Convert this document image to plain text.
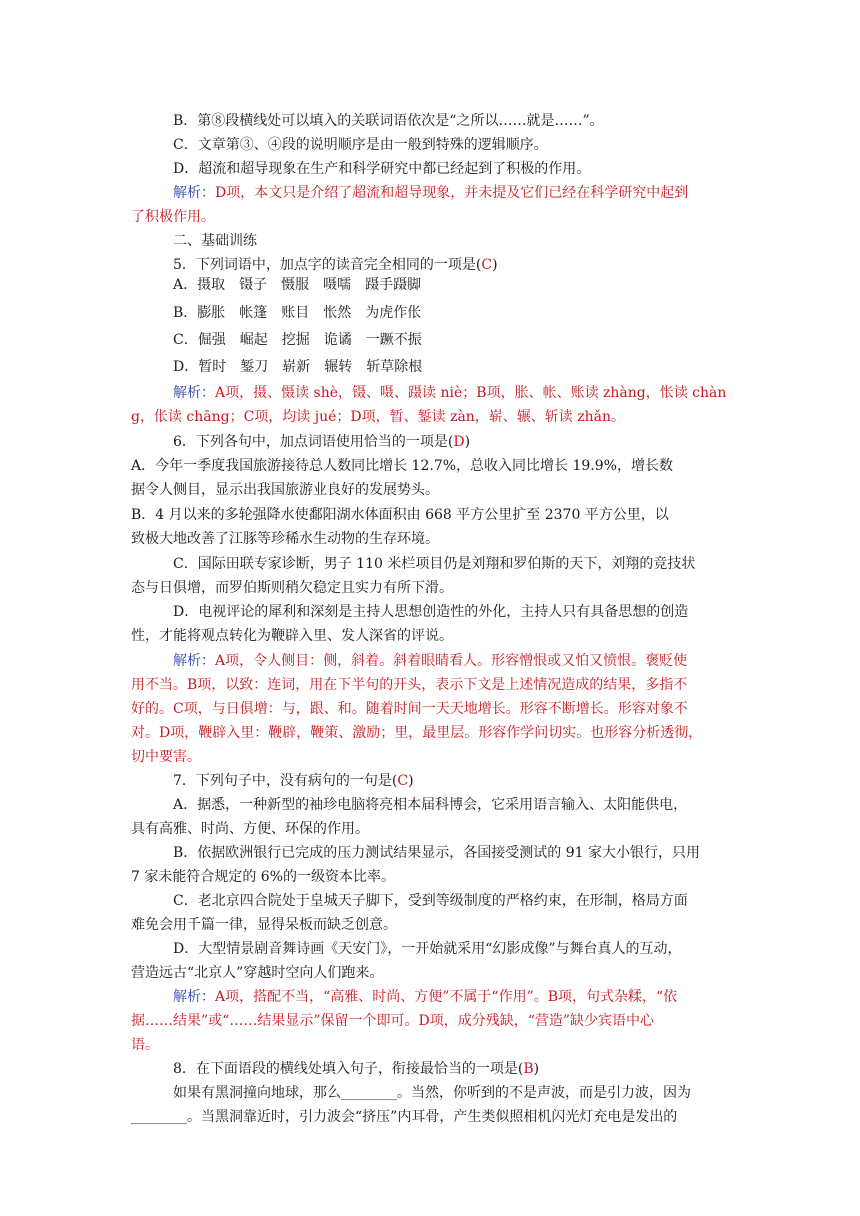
B．第⑧段横线处可以填入的关联词语依次是“之所以……就是……”。
C．文章第③、④段的说明顺序是由一般到特殊的逻辑顺序。
D．超流和超导现象在生产和科学研究中都已经起到了积极的作用。
解析：D项，本文只是介绍了超流和超导现象，并未提及它们已经在科学研究中起到
了积极作用。
二、基础训练
5．下列词语中，加点字的读音完全相同的一项是(C)
A．摄取　镊子　慑服　嗫嚅　蹑手蹑脚
B．膨胀　帐篷　账目　怅然　为虎作伥
C．倔强　崛起　挖掘　诡谲　一蹶不振
D．暂时　錾刀　崭新　辗转　斩草除根
解析：A项，摄、慑读 shè，镊、嗫、蹑读 niè；B项，胀、帐、账读 zhàng，怅读 chàn
g，伥读 chāng；C项，均读 jué；D项，暂、錾读 zàn，崭、辗、斩读 zhǎn。
6．下列各句中，加点词语使用恰当的一项是(D)
A．今年一季度我国旅游接待总人数同比增长 12.7%，总收入同比增长 19.9%，增长数
据令人侧目，显示出我国旅游业良好的发展势头。
B．4 月以来的多轮强降水使鄱阳湖水体面积由 668 平方公里扩至 2370 平方公里，以
致极大地改善了江豚等珍稀水生动物的生存环境。
C．国际田联专家诊断，男子 110 米栏项目仍是刘翔和罗伯斯的天下，刘翔的竞技状
态与日俱增，而罗伯斯则稍欠稳定且实力有所下滑。
D．电视评论的犀利和深刻是主持人思想创造性的外化，主持人只有具备思想的创造
性，才能将观点转化为鞭辟入里、发人深省的评说。
解析：A项，令人侧目：侧，斜着。斜着眼睛看人。形容憎恨或又怕又愤恨。褒贬使
用不当。B项，以致：连词，用在下半句的开头，表示下文是上述情况造成的结果，多指不
好的。C项，与日俱增：与，跟、和。随着时间一天天地增长。形容不断增长。形容对象不
对。D项，鞭辟入里：鞭辟，鞭策、激励；里，最里层。形容作学问切实。也形容分析透彻，
切中要害。
7．下列句子中，没有病句的一句是(C)
A．据悉，一种新型的袖珍电脑将亮相本届科博会，它采用语言输入、太阳能供电，
具有高雅、时尚、方便、环保的作用。
B．依据欧洲银行已完成的压力测试结果显示，各国接受测试的 91 家大小银行，只用
7 家未能符合规定的 6%的一级资本比率。
C．老北京四合院处于皇城天子脚下，受到等级制度的严格约束，在形制，格局方面
难免会用千篇一律，显得呆板而缺乏创意。
D．大型情景剧音舞诗画《天安门》，一开始就采用“幻影成像”与舞台真人的互动，
营造远古“北京人”穿越时空向人们跑来。
解析：A项，搭配不当，“高雅、时尚、方便”不属于“作用”。B项，句式杂糅，“依
据……结果”或“……结果显示”保留一个即可。D项，成分残缺，“营造”缺少宾语中心
语。
8．在下面语段的横线处填入句子，衔接最恰当的一项是(B)
如果有黑洞撞向地球，那么________。当然，你听到的不是声波，而是引力波，因为
________。当黑洞靠近时，引力波会“挤压”内耳骨，产生类似照相机闪光灯充电是发出的
